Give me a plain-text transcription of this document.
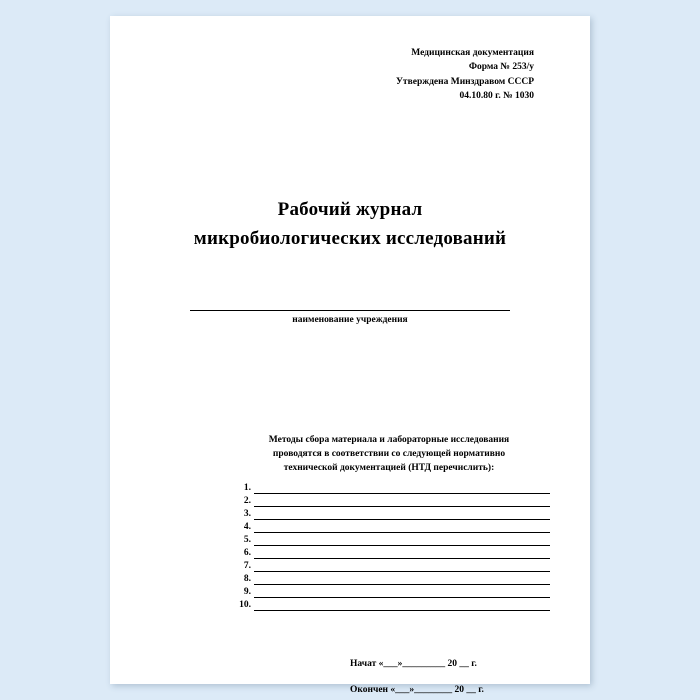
Медицинская документация
Форма № 253/у
Утверждена Минздравом СССР
04.10.80 г. № 1030
Рабочий журнал
микробиологических исследований
наименование учреждения
Методы сбора материала и лабораторные исследования
проводятся в соответствии со следующей нормативно
технической документацией (НТД перечислить):
1.
2.
3.
4.
5.
6.
7.
8.
9.
10.
Начат «___»_________ 20 __ г.
Окончен «___»________ 20 __ г.
